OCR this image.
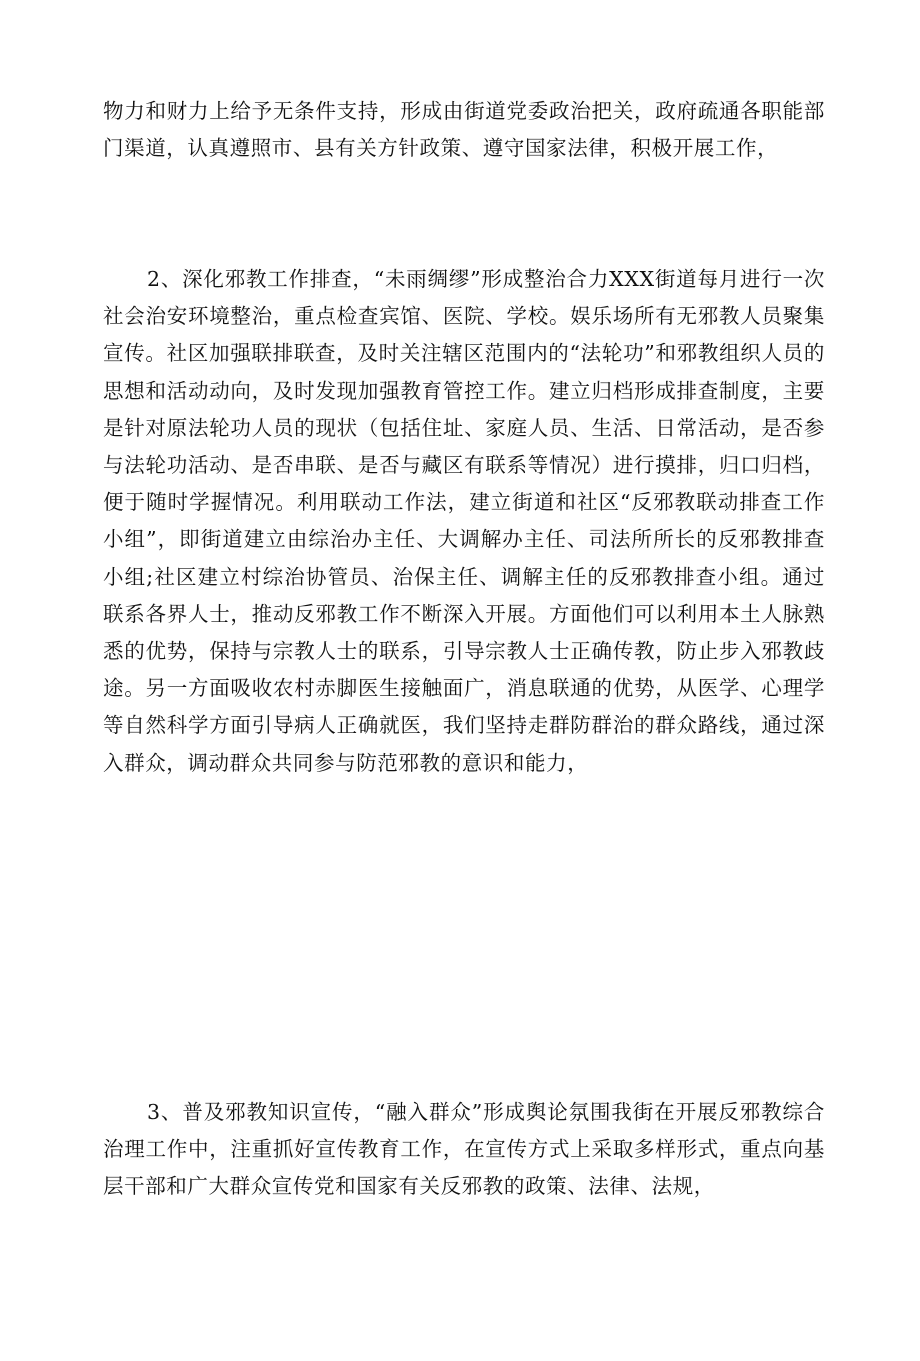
物力和财力上给予无条件支持，形成由街道党委政治把关，政府疏通各职能部门渠道，认真遵照市、县有关方针政策、遵守国家法律，积极开展工作，

2、深化邪教工作排查，“未雨绸缪”形成整治合力XXX街道每月进行一次社会治安环境整治，重点检查宾馆、医院、学校。娱乐场所有无邪教人员聚集宣传。社区加强联排联查，及时关注辖区范围内的“法轮功”和邪教组织人员的思想和活动动向，及时发现加强教育管控工作。建立归档形成排查制度，主要是针对原法轮功人员的现状（包括住址、家庭人员、生活、日常活动，是否参与法轮功活动、是否串联、是否与藏区有联系等情况）进行摸排，归口归档，便于随时学握情况。利用联动工作法，建立街道和社区“反邪教联动排查工作小组”，即街道建立由综治办主任、大调解办主任、司法所所长的反邪教排查小组;社区建立村综治协管员、治保主任、调解主任的反邪教排查小组。通过联系各界人士，推动反邪教工作不断深入开展。方面他们可以利用本土人脉熟悉的优势，保持与宗教人士的联系，引导宗教人士正确传教，防止步入邪教歧途。另一方面吸收农村赤脚医生接触面广，消息联通的优势，从医学、心理学等自然科学方面引导病人正确就医，我们坚持走群防群治的群众路线，通过深入群众，调动群众共同参与防范邪教的意识和能力，

3、普及邪教知识宣传，“融入群众”形成舆论氛围我街在开展反邪教综合治理工作中，注重抓好宣传教育工作，在宣传方式上采取多样形式，重点向基层干部和广大群众宣传党和国家有关反邪教的政策、法律、法规，
